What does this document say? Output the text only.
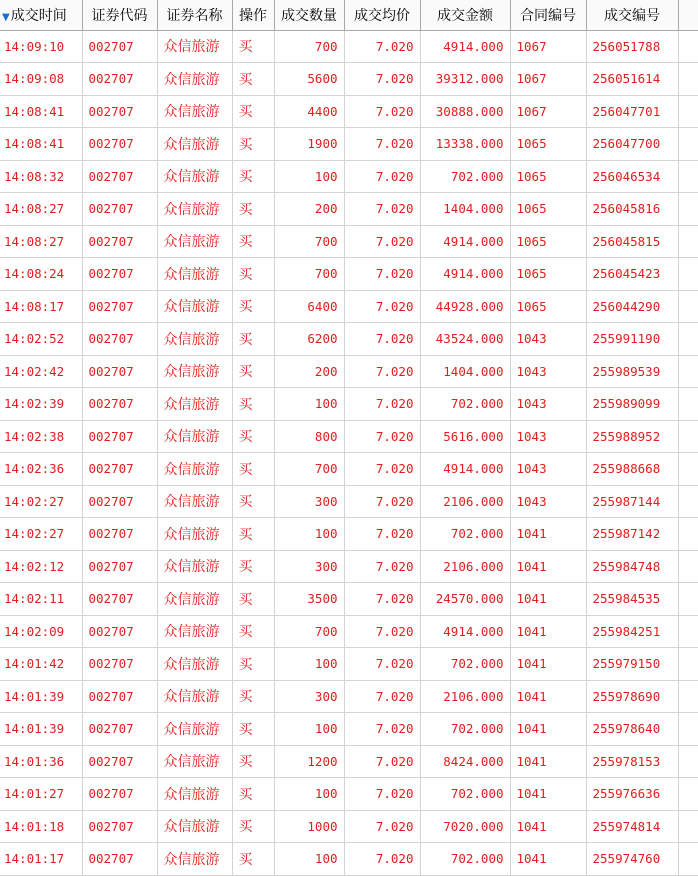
▼成交时间	证券代码	证券名称	操作	成交数量	成交均价	成交金额	合同编号	成交编号	
14:09:10	002707	众信旅游	买	700	7.020	4914.000	1067	256051788	
14:09:08	002707	众信旅游	买	5600	7.020	39312.000	1067	256051614	
14:08:41	002707	众信旅游	买	4400	7.020	30888.000	1067	256047701	
14:08:41	002707	众信旅游	买	1900	7.020	13338.000	1065	256047700	
14:08:32	002707	众信旅游	买	100	7.020	702.000	1065	256046534	
14:08:27	002707	众信旅游	买	200	7.020	1404.000	1065	256045816	
14:08:27	002707	众信旅游	买	700	7.020	4914.000	1065	256045815	
14:08:24	002707	众信旅游	买	700	7.020	4914.000	1065	256045423	
14:08:17	002707	众信旅游	买	6400	7.020	44928.000	1065	256044290	
14:02:52	002707	众信旅游	买	6200	7.020	43524.000	1043	255991190	
14:02:42	002707	众信旅游	买	200	7.020	1404.000	1043	255989539	
14:02:39	002707	众信旅游	买	100	7.020	702.000	1043	255989099	
14:02:38	002707	众信旅游	买	800	7.020	5616.000	1043	255988952	
14:02:36	002707	众信旅游	买	700	7.020	4914.000	1043	255988668	
14:02:27	002707	众信旅游	买	300	7.020	2106.000	1043	255987144	
14:02:27	002707	众信旅游	买	100	7.020	702.000	1041	255987142	
14:02:12	002707	众信旅游	买	300	7.020	2106.000	1041	255984748	
14:02:11	002707	众信旅游	买	3500	7.020	24570.000	1041	255984535	
14:02:09	002707	众信旅游	买	700	7.020	4914.000	1041	255984251	
14:01:42	002707	众信旅游	买	100	7.020	702.000	1041	255979150	
14:01:39	002707	众信旅游	买	300	7.020	2106.000	1041	255978690	
14:01:39	002707	众信旅游	买	100	7.020	702.000	1041	255978640	
14:01:36	002707	众信旅游	买	1200	7.020	8424.000	1041	255978153	
14:01:27	002707	众信旅游	买	100	7.020	702.000	1041	255976636	
14:01:18	002707	众信旅游	买	1000	7.020	7020.000	1041	255974814	
14:01:17	002707	众信旅游	买	100	7.020	702.000	1041	255974760	
